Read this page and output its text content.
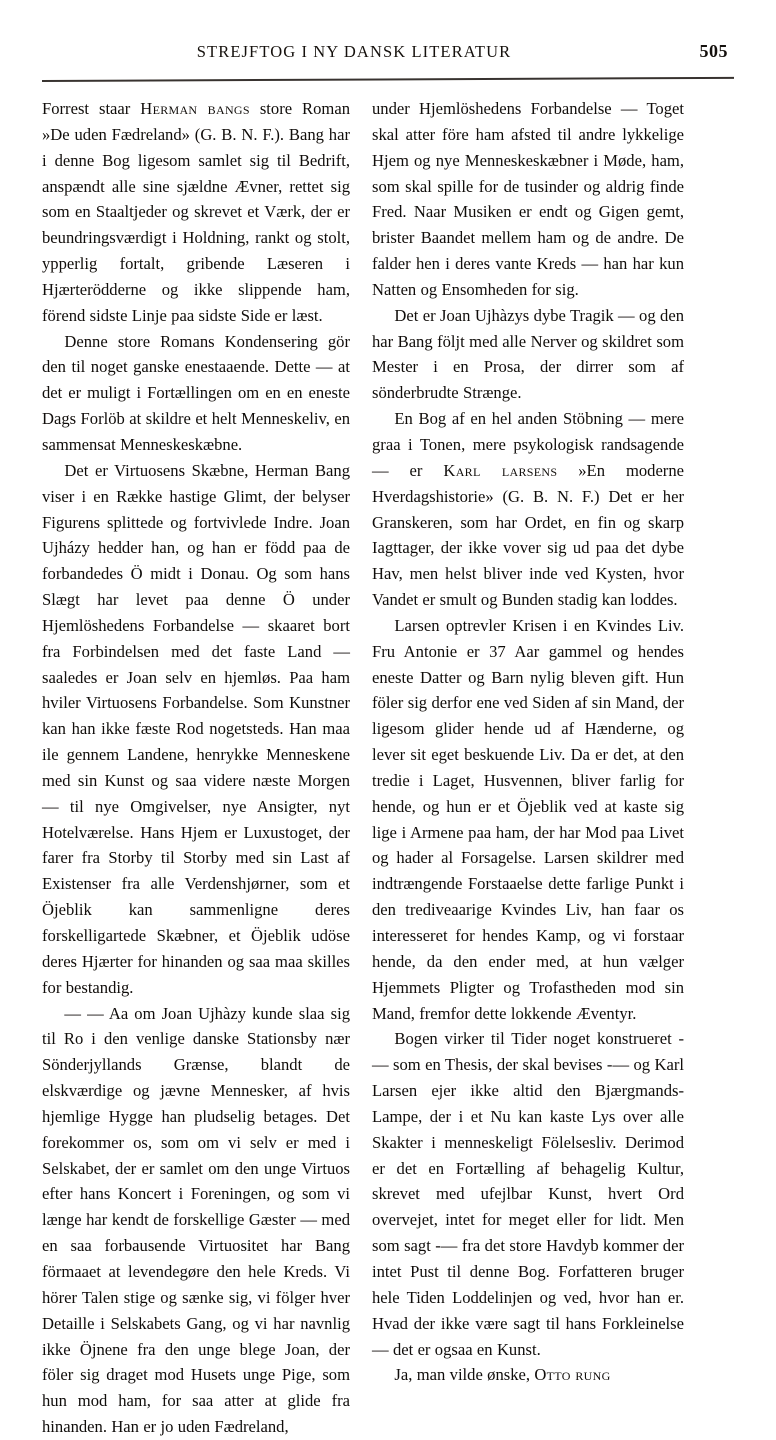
STREJFTOG I NY DANSK LITERATUR	505

Forrest staar Herman bangs store Roman »De uden Fædreland» (G. B. N. F.). Bang har i denne Bog ligesom samlet sig til Bedrift, anspændt alle sine sjældne Ævner, rettet sig som en Staaltjeder og skrevet et Værk, der er beundringsværdigt i Holdning, rankt og stolt, ypperlig fortalt, gribende Læseren i Hjærterödderne og ikke slippende ham, förend sidste Linje paa sidste Side er læst.

Denne store Romans Kondensering gör den til noget ganske enestaaende. Dette — at det er muligt i Fortællingen om en en eneste Dags Forlöb at skildre et helt Menneskeliv, en sammensat Menneskeskæbne.

Det er Virtuosens Skæbne, Herman Bang viser i en Række hastige Glimt, der belyser Figurens splittede og fortvivlede Indre. Joan Ujházy hedder han, og han er född paa de forbandedes Ö midt i Donau. Og som hans Slægt har levet paa denne Ö under Hjemlöshedens Forbandelse — skaaret bort fra Forbindelsen med det faste Land — saaledes er Joan selv en hjemløs. Paa ham hviler Virtuosens Forbandelse. Som Kunstner kan han ikke fæste Rod nogetsteds. Han maa ile gennem Landene, henrykke Menneskene med sin Kunst og saa videre næste Morgen — til nye Omgivelser, nye Ansigter, nyt Hotelværelse. Hans Hjem er Luxustoget, der farer fra Storby til Storby med sin Last af Existenser fra alle Verdenshjørner, som et Öjeblik kan sammenligne deres forskelligartede Skæbner, et Öjeblik udöse deres Hjærter for hinanden og saa maa skilles for bestandig.

— — Aa om Joan Ujhàzy kunde slaa sig til Ro i den venlige danske Stationsby nær Sönderjyllands Grænse, blandt de elskværdige og jævne Mennesker, af hvis hjemlige Hygge han pludselig betages. Det forekommer os, som om vi selv er med i Selskabet, der er samlet om den unge Virtuos efter hans Koncert i Foreningen, og som vi længe har kendt de forskellige Gæster — med en saa forbausende Virtuositet har Bang förmaaet at levendegøre den hele Kreds. Vi hörer Talen stige og sænke sig, vi fölger hver Detaille i Selskabets Gang, og vi har navnlig ikke Öjnene fra den unge blege Joan, der föler sig draget mod Husets unge Pige, som hun mod ham, for saa atter at glide fra hinanden. Han er jo uden Fædreland,

under Hjemlöshedens Forbandelse — Toget skal atter före ham afsted til andre lykkelige Hjem og nye Menneskeskæbner i Møde, ham, som skal spille for de tusinder og aldrig finde Fred. Naar Musiken er endt og Gigen gemt, brister Baandet mellem ham og de andre. De falder hen i deres vante Kreds — han har kun Natten og Ensomheden for sig.

Det er Joan Ujhàzys dybe Tragik — og den har Bang följt med alle Nerver og skildret som Mester i en Prosa, der dirrer som af sönderbrudte Strænge.

En Bog af en hel anden Stöbning — mere graa i Tonen, mere psykologisk randsagende — er Karl larsens »En moderne Hverdagshistorie» (G. B. N. F.) Det er her Granskeren, som har Ordet, en fin og skarp Iagttager, der ikke vover sig ud paa det dybe Hav, men helst bliver inde ved Kysten, hvor Vandet er smult og Bunden stadig kan loddes.

Larsen optrevler Krisen i en Kvindes Liv. Fru Antonie er 37 Aar gammel og hendes eneste Datter og Barn nylig bleven gift. Hun föler sig derfor ene ved Siden af sin Mand, der ligesom glider hende ud af Hænderne, og lever sit eget beskuende Liv. Da er det, at den tredie i Laget, Husvennen, bliver farlig for hende, og hun er et Öjeblik ved at kaste sig lige i Armene paa ham, der har Mod paa Livet og hader al Forsagelse. Larsen skildrer med indtrængende Forstaaelse dette farlige Punkt i den trediveaarige Kvindes Liv, han faar os interesseret for hendes Kamp, og vi forstaar hende, da den ender med, at hun vælger Hjemmets Pligter og Trofastheden mod sin Mand, fremfor dette lokkende Æventyr.

Bogen virker til Tider noget konstrueret -— som en Thesis, der skal bevises -— og Karl Larsen ejer ikke altid den Bjærgmands-Lampe, der i et Nu kan kaste Lys over alle Skakter i menneskeligt Fölelsesliv. Derimod er det en Fortælling af behagelig Kultur, skrevet med ufejlbar Kunst, hvert Ord overvejet, intet for meget eller for lidt. Men som sagt -— fra det store Havdyb kommer der intet Pust til denne Bog. Forfatteren bruger hele Tiden Loddelinjen og ved, hvor han er. Hvad der ikke være sagt til hans Forkleinelse — det er ogsaa en Kunst.

Ja, man vilde ønske, Otto rung
